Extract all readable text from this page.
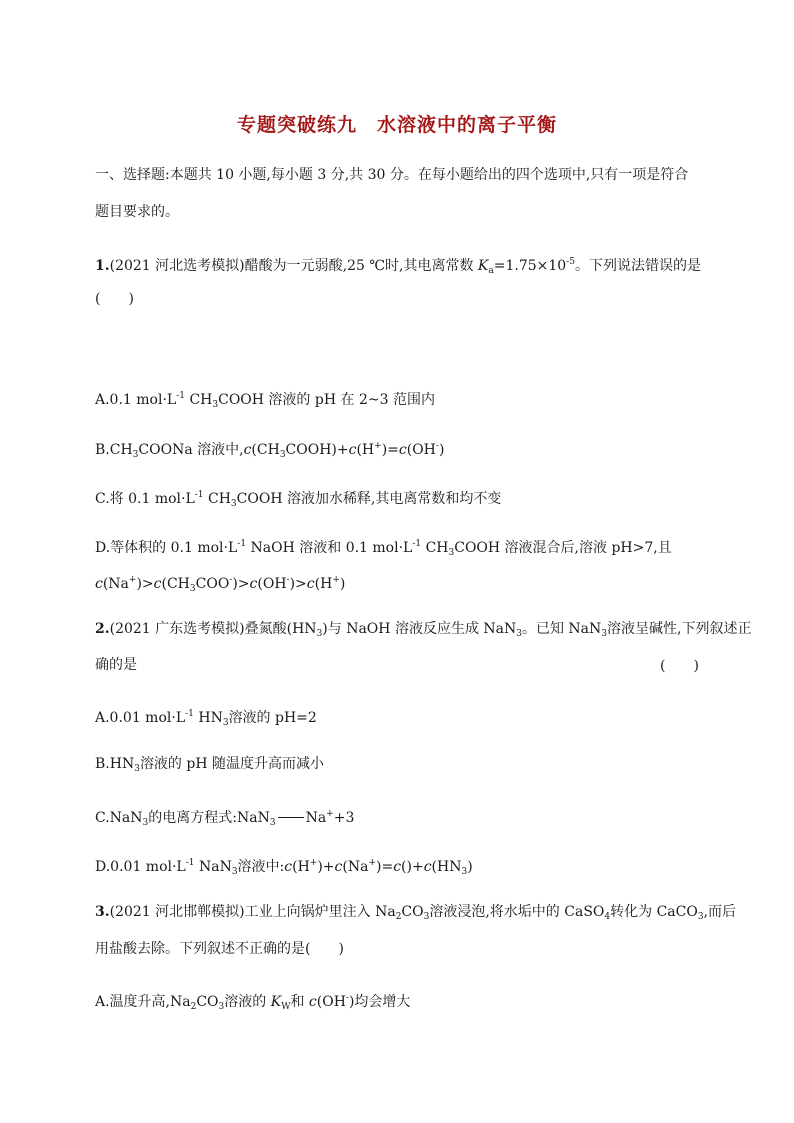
专题突破练九　水溶液中的离子平衡
一、选择题:本题共 10 小题,每小题 3 分,共 30 分。在每小题给出的四个选项中,只有一项是符合
题目要求的。
1.(2021 河北选考模拟)醋酸为一元弱酸,25 ℃时,其电离常数 $K_a=1.75\times 10^{-5}$。下列说法错误的是
(　　)
A.0.1 $mol\cdot L^{-1}$ $CH_3COOH$ 溶液的 pH 在 2~3 范围内
$B.CH_3COONa$ 溶液中$,c(CH_3COOH)+c(H^+)=c(OH^-)$
C.将 0.1 $mol\cdot L^{-1}$ $CH_3COOH$ 溶液加水稀释,其电离常数和均不变
D.等体积的 0.1 $mol\cdot L^{-1}$ NaOH 溶液和 0.1 $mol\cdot L^{-1}$ $CH_3COOH$ 溶液混合后,溶液 pH>7,且
$c(Na^+)>c(CH_3COO^-)>c(OH^-)>c(H^+)$
2.(2021 广东选考模拟)叠氮酸$(HN_3)$与 NaOH 溶液反应生成 NaN$_3$。已知 NaN$_3$溶液呈碱性,下列叙述正
确的是	(　　)
A.0.01 $mol\cdot L^{-1}$ $HN_3$溶液的 pH=2
$B.HN_3$溶液的 pH 随温度升高而减小
C.NaN$_3$的电离方程式:NaN$_3$ Na++3
D.0.01 $mol\cdot L^{-1}$ NaN$_3$溶液中$:c(H^+)+c(Na^+)=c()+c(HN_3)$
3.(2021 河北邯郸模拟)工业上向锅炉里注入 $Na_2CO_3$溶液浸泡,将水垢中的 CaSO$_4$转化为 CaCO$_3$,而后
用盐酸去除。下列叙述不正确的是(　　)
A.温度升高$,Na_2CO_3$溶液的 $K_W$和 c(OH-)均会增大
